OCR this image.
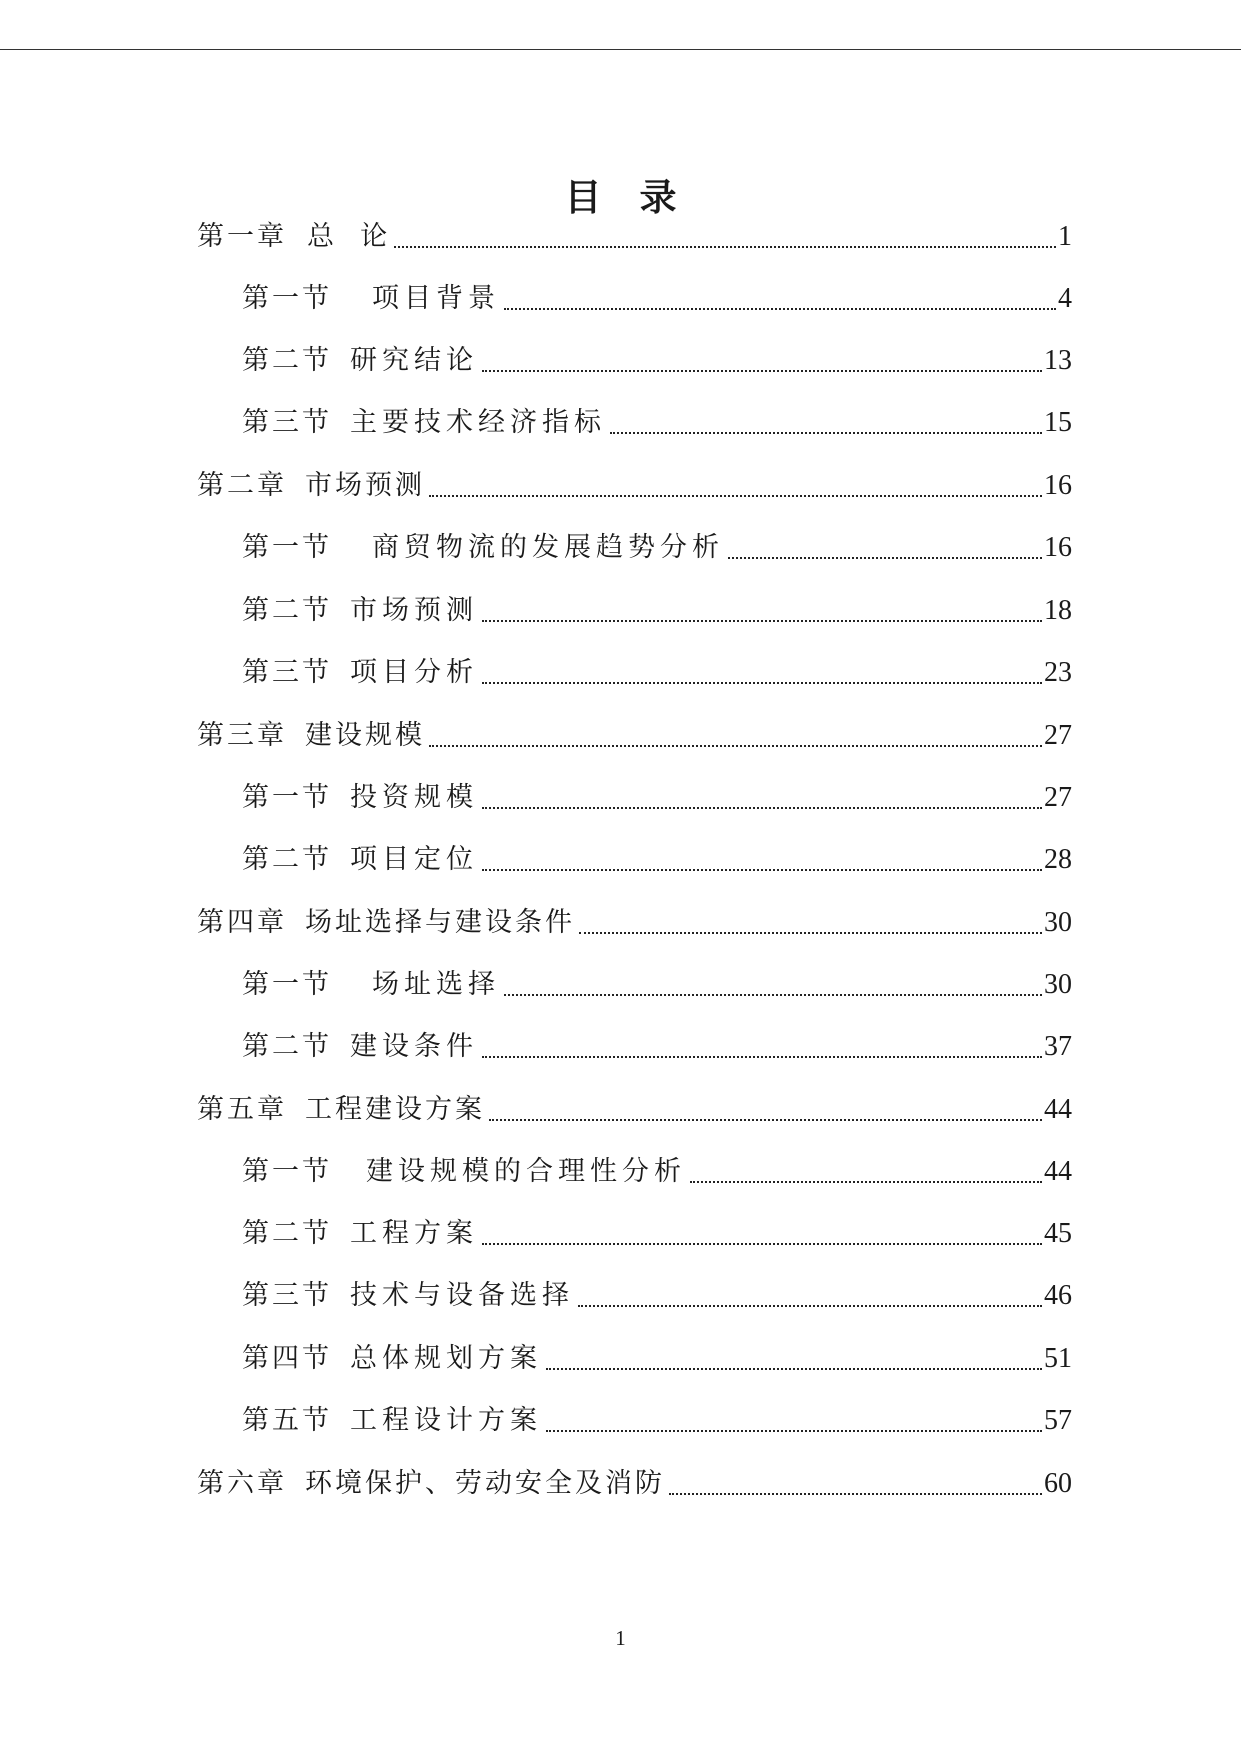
目 录
第一章 总  论	1
第一节 项目背景	4
第二节 研究结论	13
第三节 主要技术经济指标	15
第二章 市场预测	16
第一节 商贸物流的发展趋势分析	16
第二节 市场预测	18
第三节 项目分析	23
第三章 建设规模	27
第一节 投资规模	27
第二节 项目定位	28
第四章 场址选择与建设条件	30
第一节 场址选择	30
第二节 建设条件	37
第五章 工程建设方案	44
第一节 建设规模的合理性分析	44
第二节 工程方案	45
第三节 技术与设备选择	46
第四节 总体规划方案	51
第五节 工程设计方案	57
第六章 环境保护、劳动安全及消防	60
1
